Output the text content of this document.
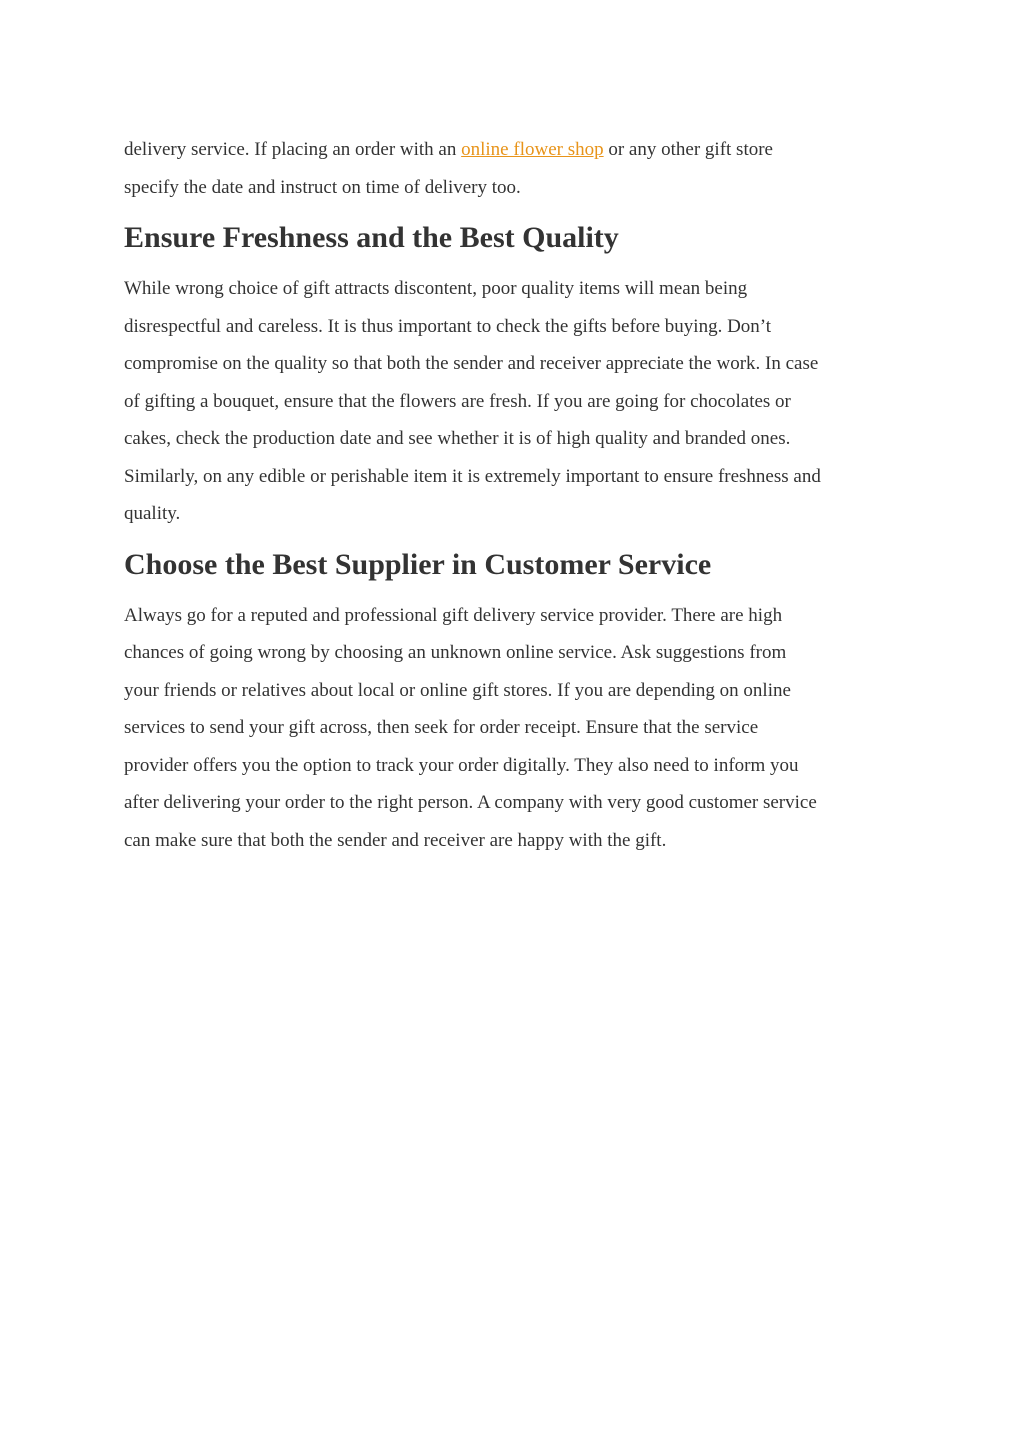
delivery service. If placing an order with an online flower shop or any other gift store
specify the date and instruct on time of delivery too.

Ensure Freshness and the Best Quality

While wrong choice of gift attracts discontent, poor quality items will mean being
disrespectful and careless. It is thus important to check the gifts before buying. Don’t
compromise on the quality so that both the sender and receiver appreciate the work. In case
of gifting a bouquet, ensure that the flowers are fresh. If you are going for chocolates or
cakes, check the production date and see whether it is of high quality and branded ones.
Similarly, on any edible or perishable item it is extremely important to ensure freshness and
quality.

Choose the Best Supplier in Customer Service

Always go for a reputed and professional gift delivery service provider. There are high
chances of going wrong by choosing an unknown online service. Ask suggestions from
your friends or relatives about local or online gift stores. If you are depending on online
services to send your gift across, then seek for order receipt. Ensure that the service
provider offers you the option to track your order digitally. They also need to inform you
after delivering your order to the right person. A company with very good customer service
can make sure that both the sender and receiver are happy with the gift.
